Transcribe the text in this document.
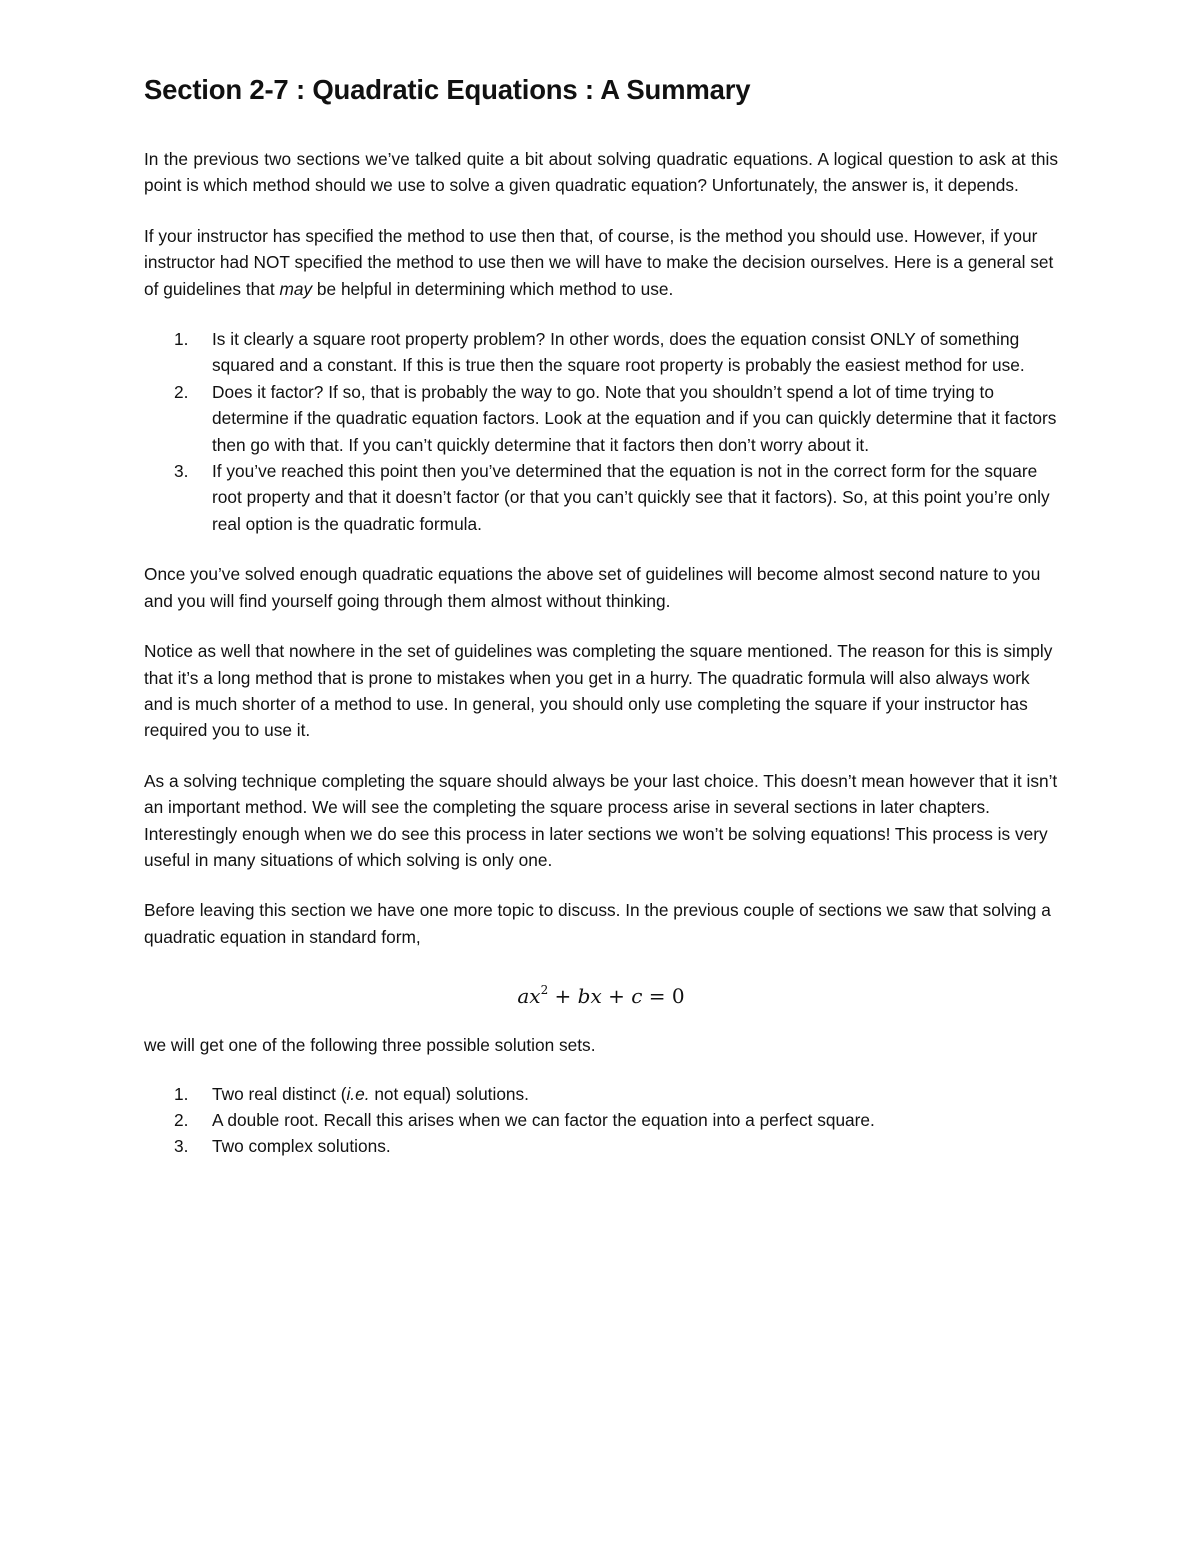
Section 2-7 : Quadratic Equations : A Summary

In the previous two sections we’ve talked quite a bit about solving quadratic equations. A logical question to ask at this point is which method should we use to solve a given quadratic equation? Unfortunately, the answer is, it depends.

If your instructor has specified the method to use then that, of course, is the method you should use. However, if your instructor had NOT specified the method to use then we will have to make the decision ourselves. Here is a general set of guidelines that may be helpful in determining which method to use.

1. Is it clearly a square root property problem? In other words, does the equation consist ONLY of something squared and a constant. If this is true then the square root property is probably the easiest method for use.
2. Does it factor? If so, that is probably the way to go. Note that you shouldn’t spend a lot of time trying to determine if the quadratic equation factors. Look at the equation and if you can quickly determine that it factors then go with that. If you can’t quickly determine that it factors then don’t worry about it.
3. If you’ve reached this point then you’ve determined that the equation is not in the correct form for the square root property and that it doesn’t factor (or that you can’t quickly see that it factors). So, at this point you’re only real option is the quadratic formula.

Once you’ve solved enough quadratic equations the above set of guidelines will become almost second nature to you and you will find yourself going through them almost without thinking.

Notice as well that nowhere in the set of guidelines was completing the square mentioned. The reason for this is simply that it’s a long method that is prone to mistakes when you get in a hurry. The quadratic formula will also always work and is much shorter of a method to use. In general, you should only use completing the square if your instructor has required you to use it.

As a solving technique completing the square should always be your last choice. This doesn’t mean however that it isn’t an important method. We will see the completing the square process arise in several sections in later chapters. Interestingly enough when we do see this process in later sections we won’t be solving equations! This process is very useful in many situations of which solving is only one.

Before leaving this section we have one more topic to discuss. In the previous couple of sections we saw that solving a quadratic equation in standard form,

$ax^2$ + bx + c = 0

we will get one of the following three possible solution sets.

1. Two real distinct (i.e. not equal) solutions.
2. A double root. Recall this arises when we can factor the equation into a perfect square.
3. Two complex solutions.
